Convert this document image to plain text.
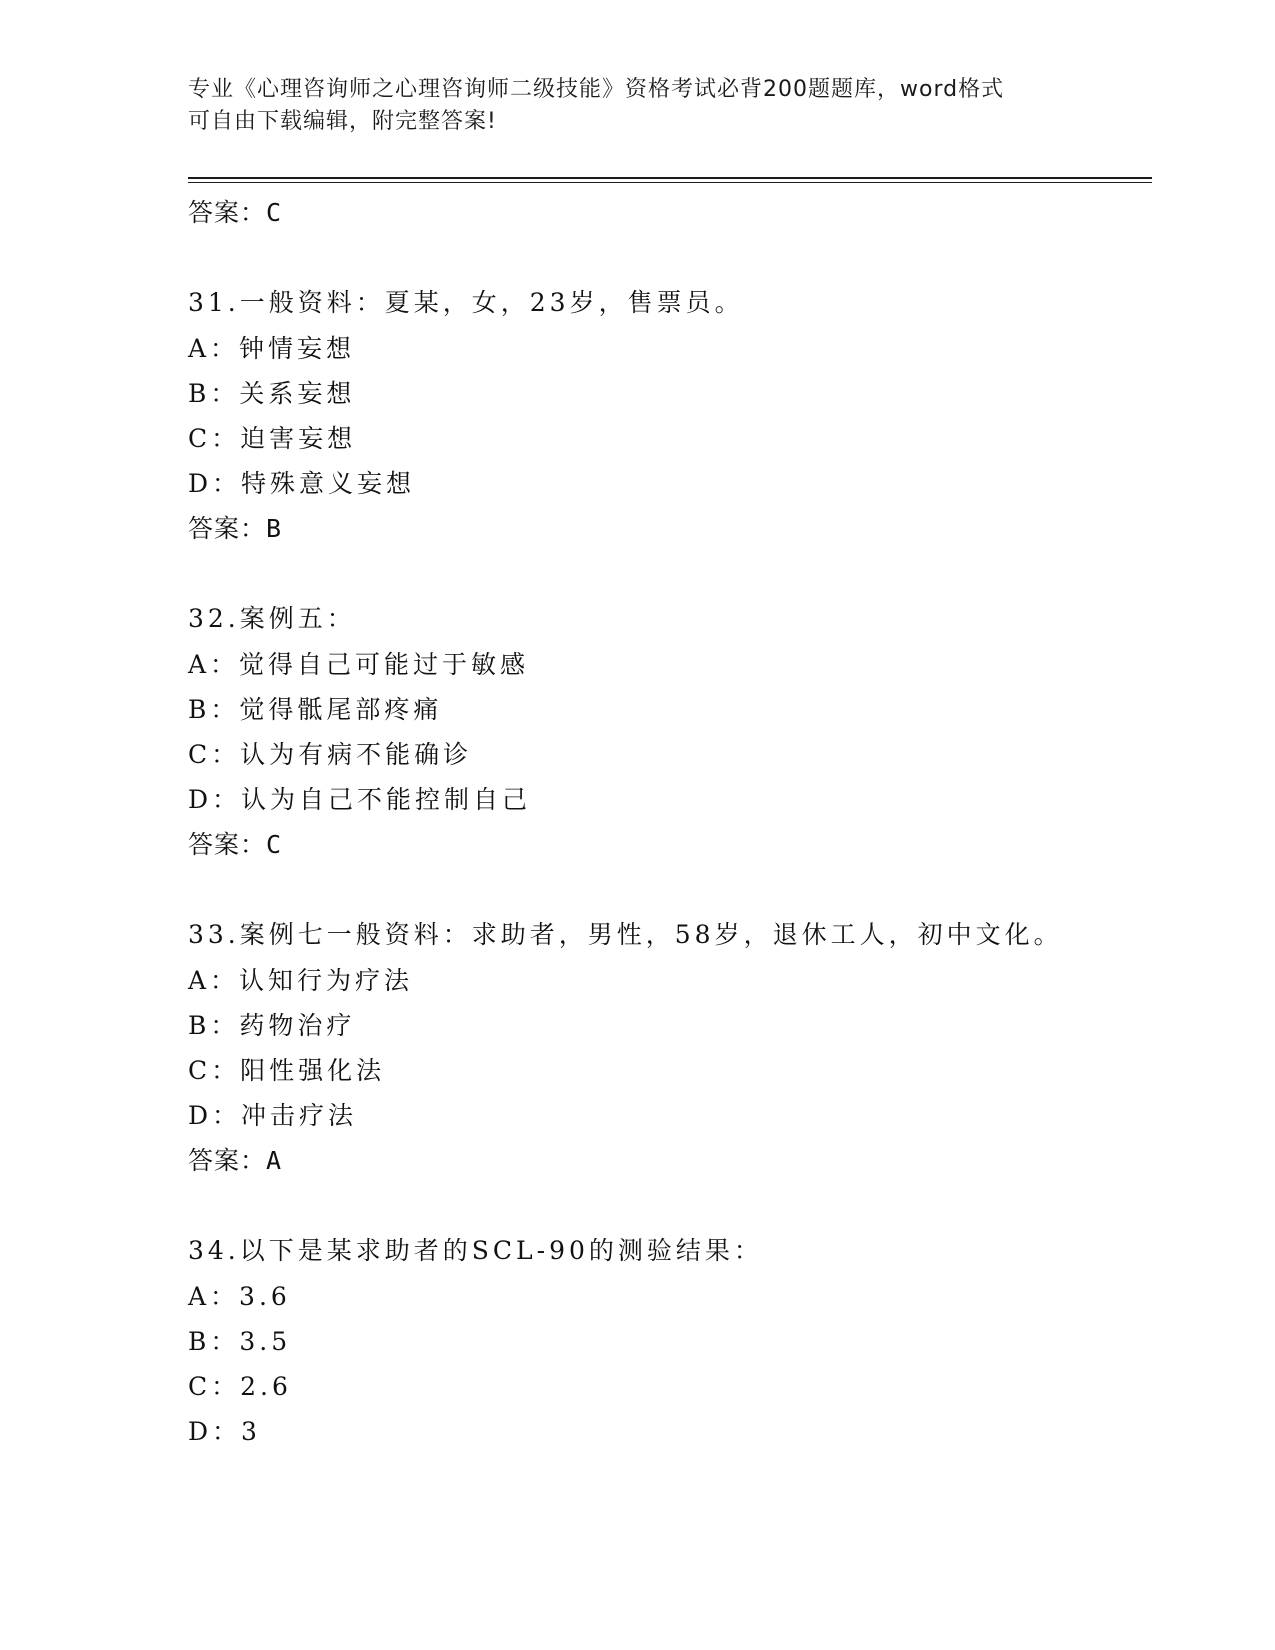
专业《心理咨询师之心理咨询师二级技能》资格考试必背200题题库，word格式
可自由下载编辑，附完整答案!
答案：C
31.一般资料：夏某，女，23岁，售票员。
A：钟情妄想
B：关系妄想
C：迫害妄想
D：特殊意义妄想
答案：B
32.案例五：
A：觉得自己可能过于敏感
B：觉得骶尾部疼痛
C：认为有病不能确诊
D：认为自己不能控制自己
答案：C
33.案例七一般资料：求助者，男性，58岁，退休工人，初中文化。
A：认知行为疗法
B：药物治疗
C：阳性强化法
D：冲击疗法
答案：A
34.以下是某求助者的SCL-90的测验结果：
A：3.6
B：3.5
C：2.6
D：3
